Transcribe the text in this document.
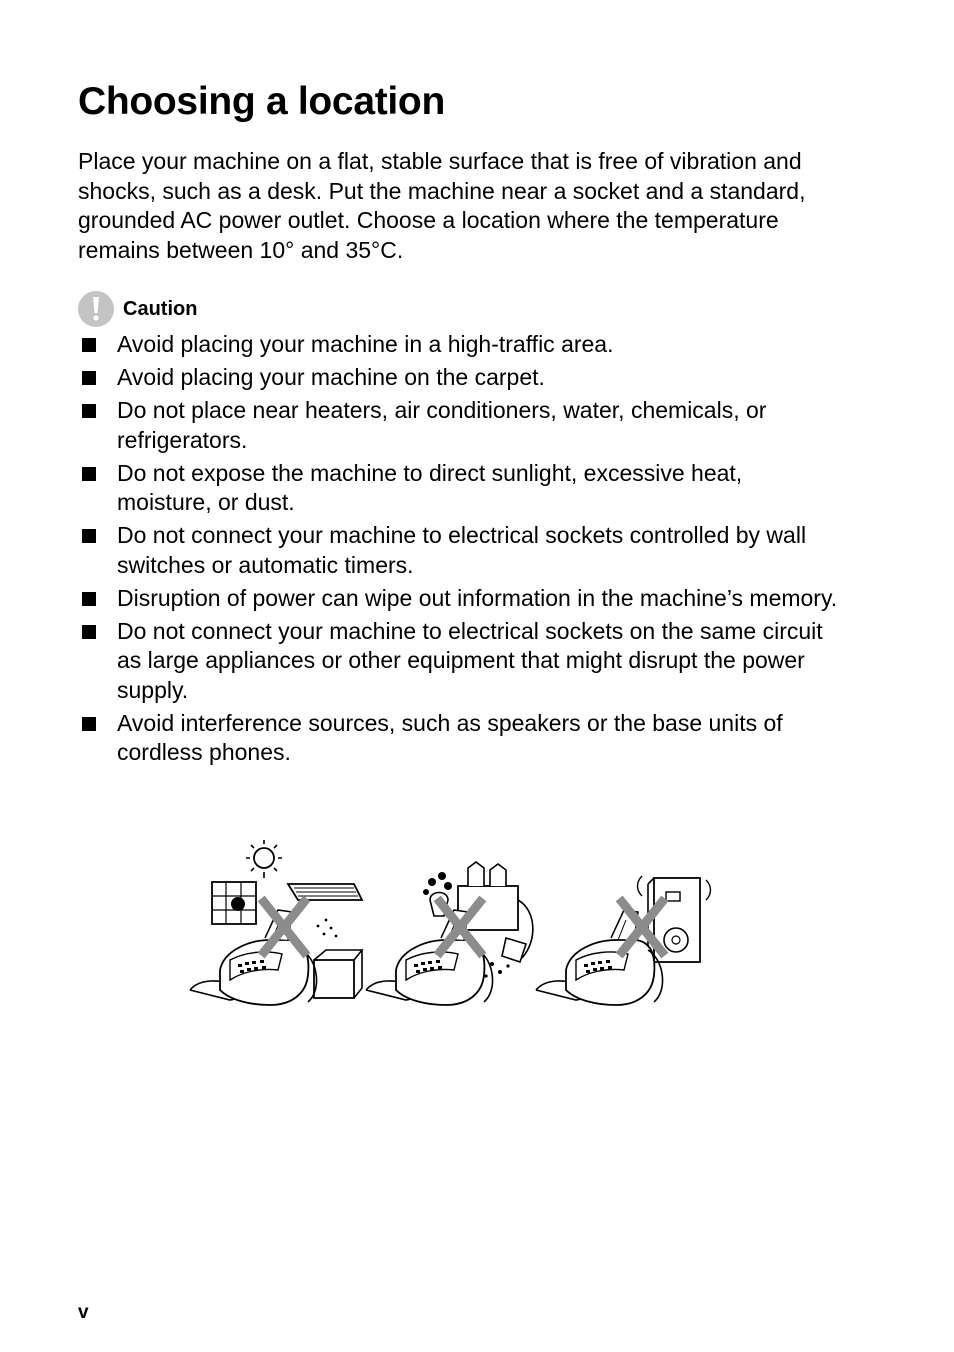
Choosing a location

Place your machine on a flat, stable surface that is free of vibration and shocks, such as a desk. Put the machine near a socket and a standard, grounded AC power outlet. Choose a location where the temperature remains between 10° and 35°C.

Caution
Avoid placing your machine in a high-traffic area.
Avoid placing your machine on the carpet.
Do not place near heaters, air conditioners, water, chemicals, or refrigerators.
Do not expose the machine to direct sunlight, excessive heat, moisture, or dust.
Do not connect your machine to electrical sockets controlled by wall switches or automatic timers.
Disruption of power can wipe out information in the machine’s memory.
Do not connect your machine to electrical sockets on the same circuit as large appliances or other equipment that might disrupt the power supply.
Avoid interference sources, such as speakers or the base units of cordless phones.
v
